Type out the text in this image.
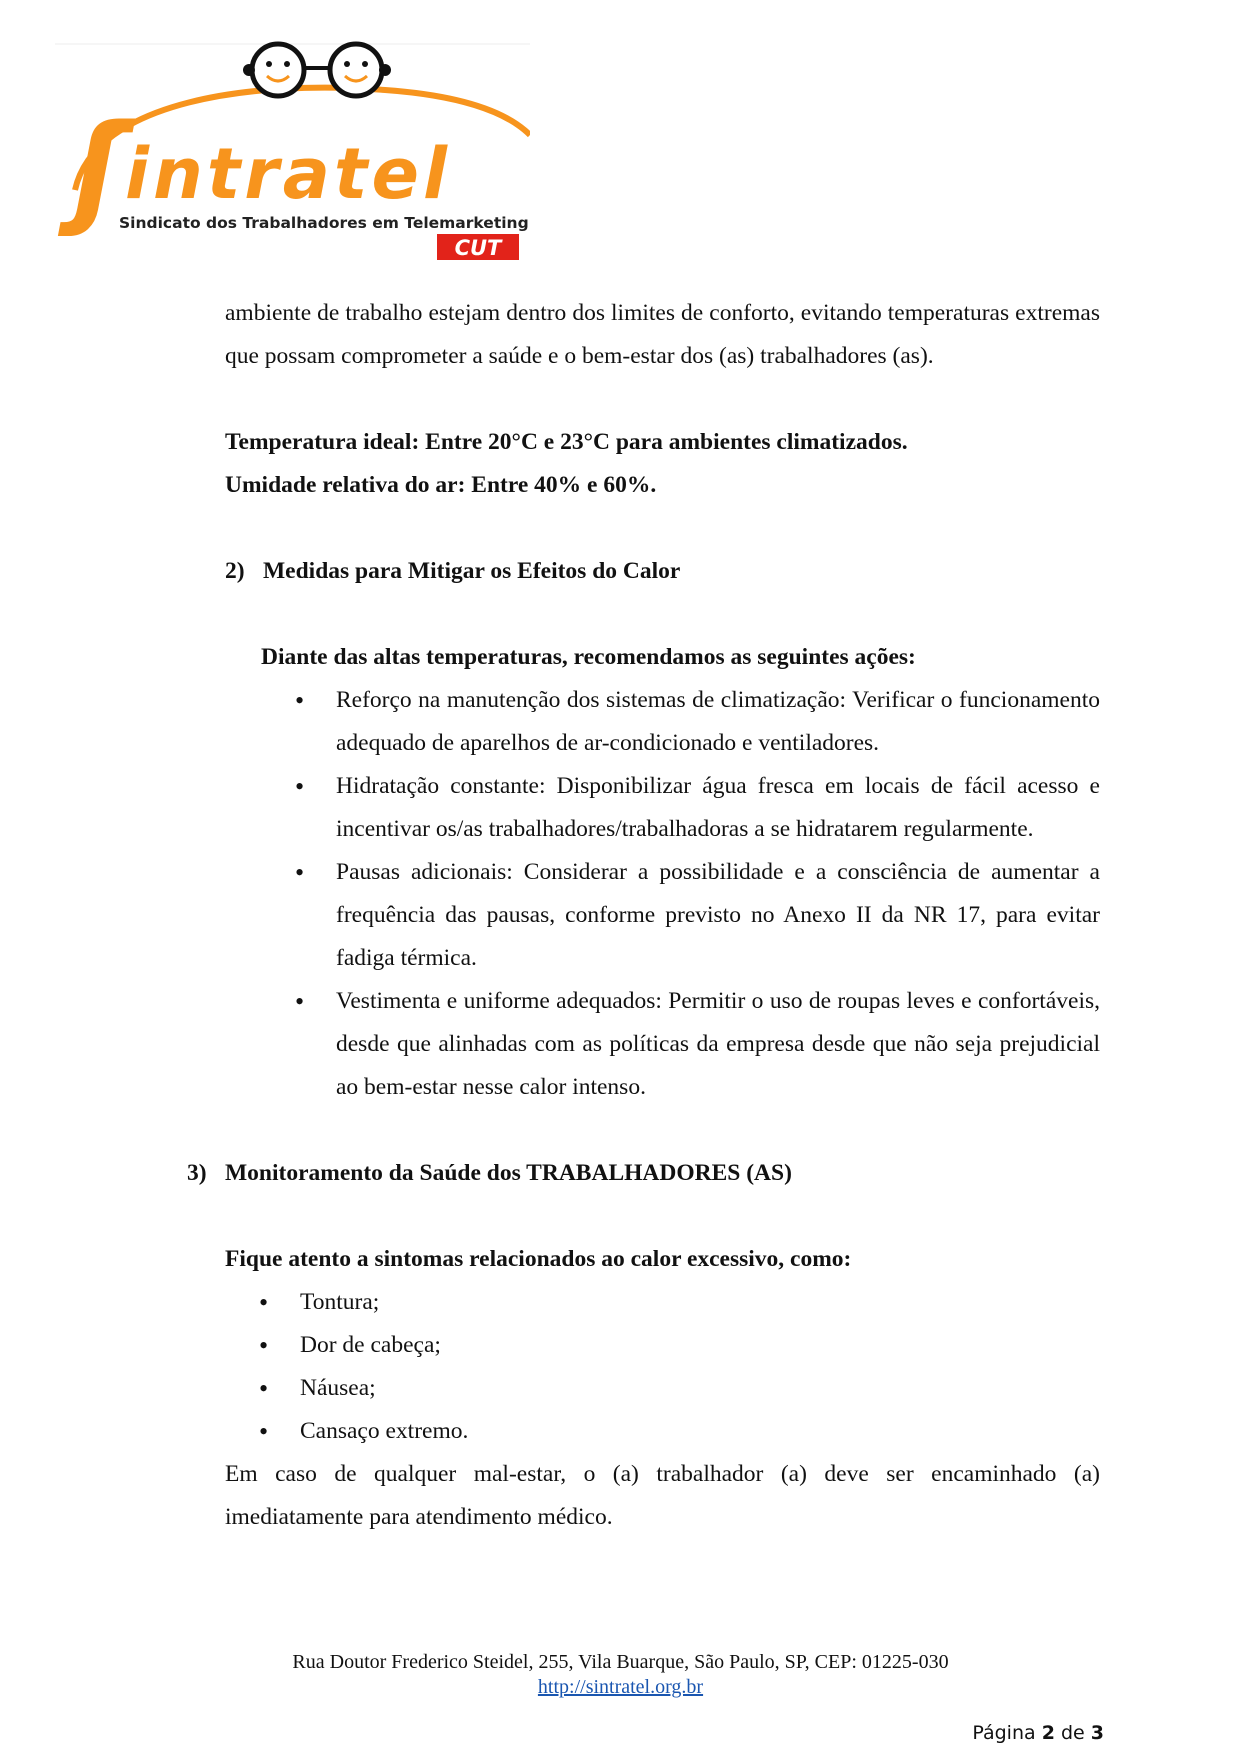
ʃ intratel
Sindicato dos Trabalhadores em Telemarketing
CUT

ambiente de trabalho estejam dentro dos limites de conforto, evitando temperaturas extremas que possam comprometer a saúde e o bem-estar dos (as) trabalhadores (as).

Temperatura ideal: Entre 20°C e 23°C para ambientes climatizados.

Umidade relativa do ar: Entre 40% e 60%.

2) Medidas para Mitigar os Efeitos do Calor

Diante das altas temperaturas, recomendamos as seguintes ações:

• Reforço na manutenção dos sistemas de climatização: Verificar o funcionamento adequado de aparelhos de ar-condicionado e ventiladores.
• Hidratação constante: Disponibilizar água fresca em locais de fácil acesso e incentivar os/as trabalhadores/trabalhadoras a se hidratarem regularmente.
• Pausas adicionais: Considerar a possibilidade e a consciência de aumentar a frequência das pausas, conforme previsto no Anexo II da NR 17, para evitar fadiga térmica.
• Vestimenta e uniforme adequados: Permitir o uso de roupas leves e confortáveis, desde que alinhadas com as políticas da empresa desde que não seja prejudicial ao bem-estar nesse calor intenso.
3) Monitoramento da Saúde dos TRABALHADORES (AS)

Fique atento a sintomas relacionados ao calor excessivo, como:

• Tontura;
• Dor de cabeça;
• Náusea;
• Cansaço extremo.

Em caso de qualquer mal-estar, o (a) trabalhador (a) deve ser encaminhado (a) imediatamente para atendimento médico.

Rua Doutor Frederico Steidel, 255, Vila Buarque, São Paulo, SP, CEP: 01225-030
http://sintratel.org.br
Página 2 de 3
